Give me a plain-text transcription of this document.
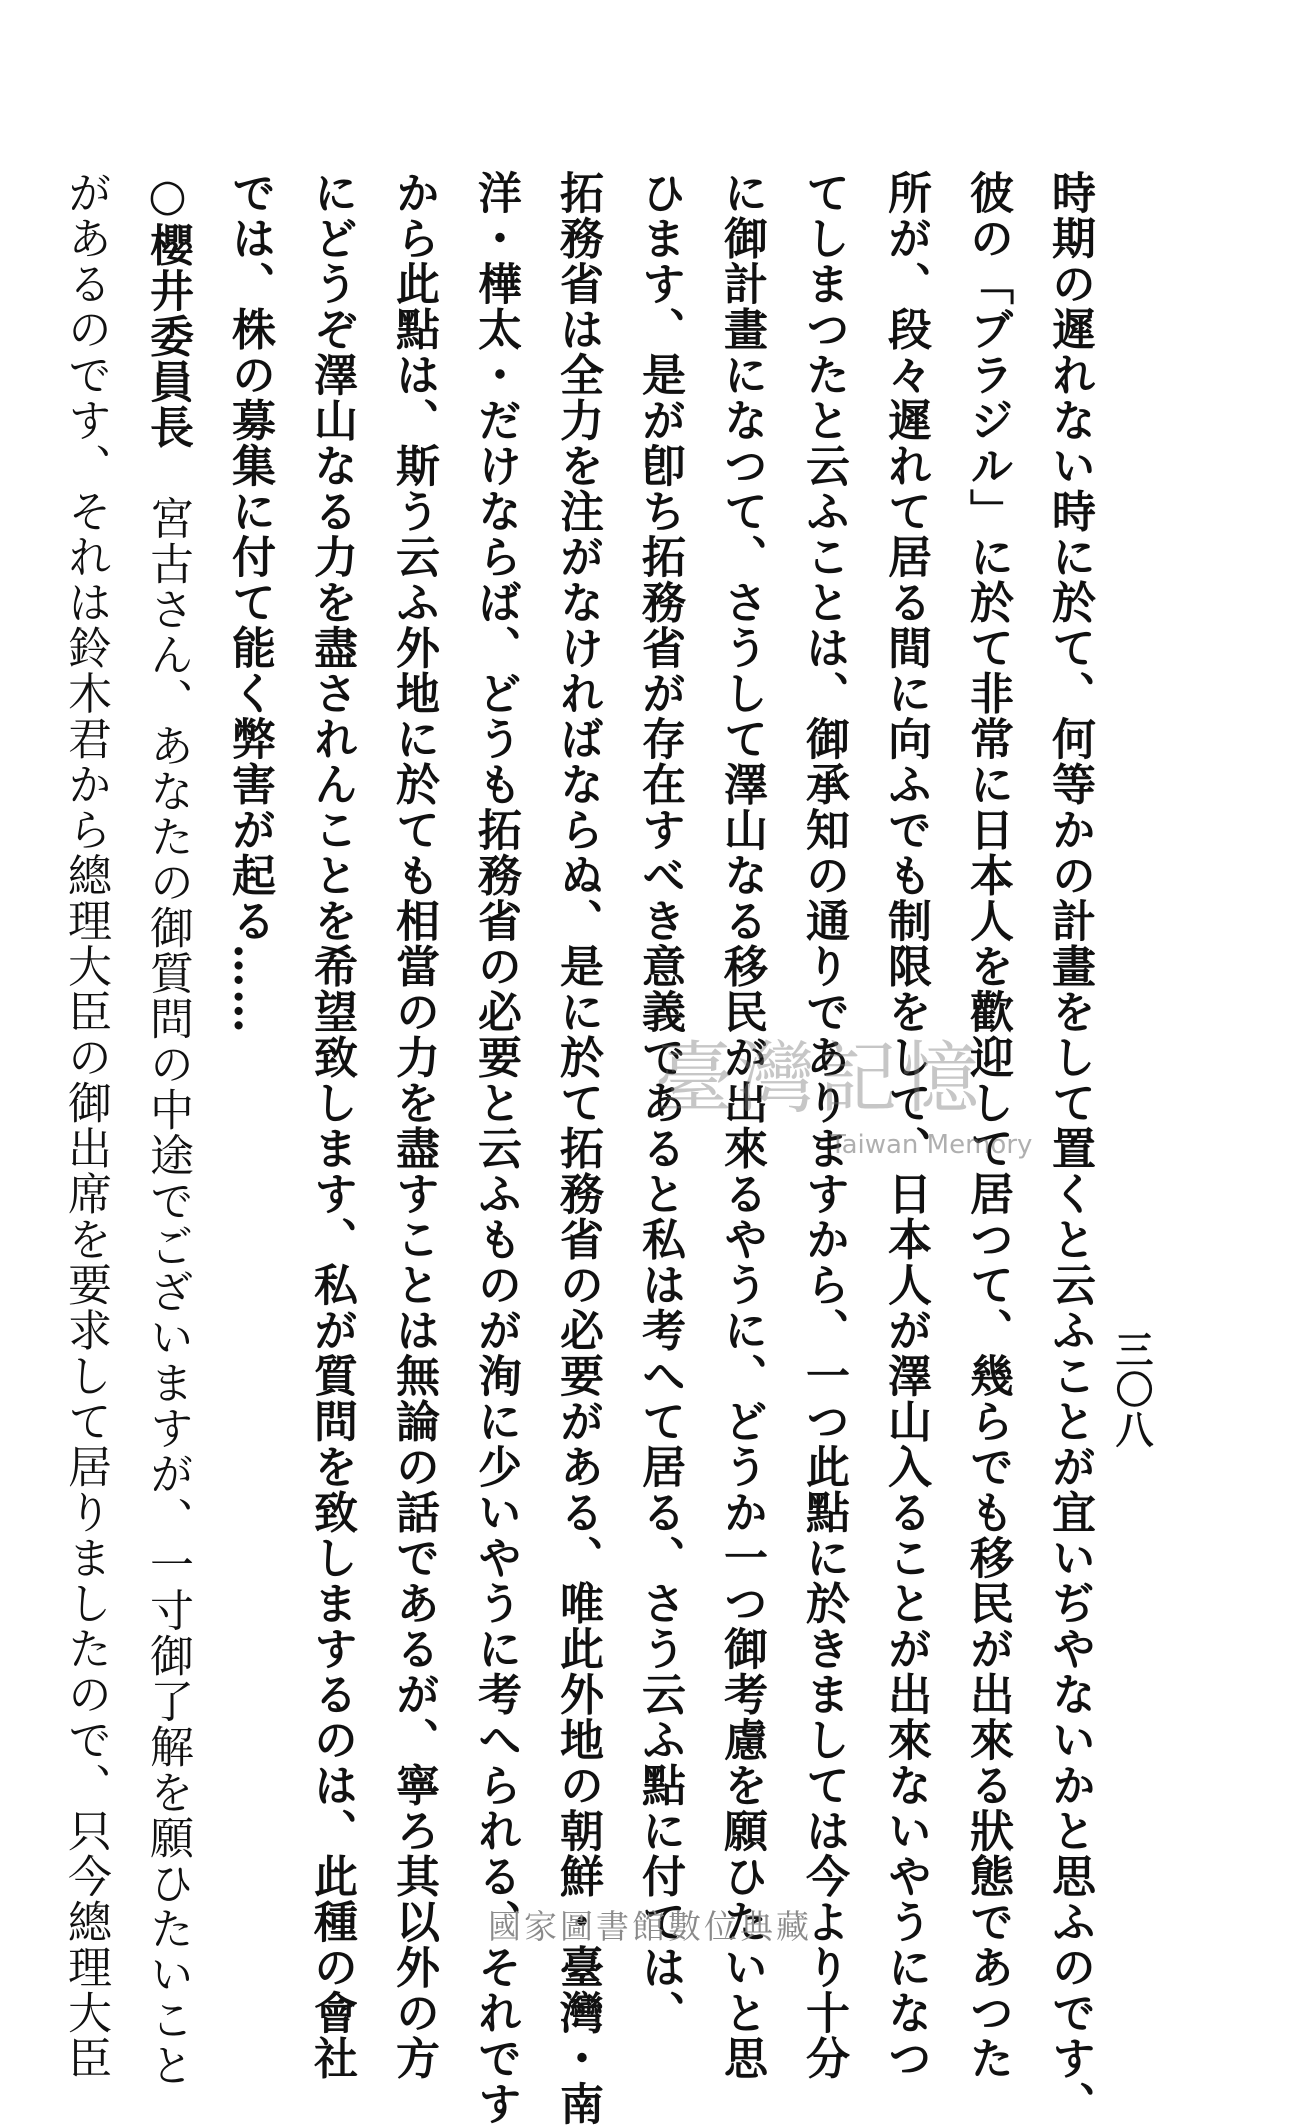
三〇八
時期の遲れない時に於て、何等かの計畫をして置くと云ふことが宜いぢやないかと思ふのです、
彼の「ブラジル」に於て非常に日本人を歡迎して居つて、幾らでも移民が出來る狀態であつた
所が、段々遲れて居る間に向ふでも制限をして、日本人が澤山入ることが出來ないやうになつ
てしまつたと云ふことは、御承知の通りでありますから、一つ此點に於きましては今より十分
に御計畫になつて、さうして澤山なる移民が出來るやうに、どうか一つ御考慮を願ひたいと思
ひます、是が卽ち拓務省が存在すべき意義であると私は考へて居る、さう云ふ點に付ては、
拓務省は全力を注がなければならぬ、是に於て拓務省の必要がある、唯此外地の朝鮮・臺灣・南
洋・樺太・だけならば、どうも拓務省の必要と云ふものが洵に少いやうに考へられる、それです
から此點は、斯う云ふ外地に於ても相當の力を盡すことは無論の話であるが、寧ろ其以外の方
にどうぞ澤山なる力を盡されんことを希望致します、私が質問を致しまするのは、此種の會社
では、株の募集に付て能く弊害が起る……
○櫻井委員長　宮古さん、あなたの御質問の中途でございますが、一寸御了解を願ひたいこと
があるのです、それは鈴木君から總理大臣の御出席を要求して居りましたので、只今總理大臣	臺灣記憶
Taiwan Memory
國家圖書館數位典藏
